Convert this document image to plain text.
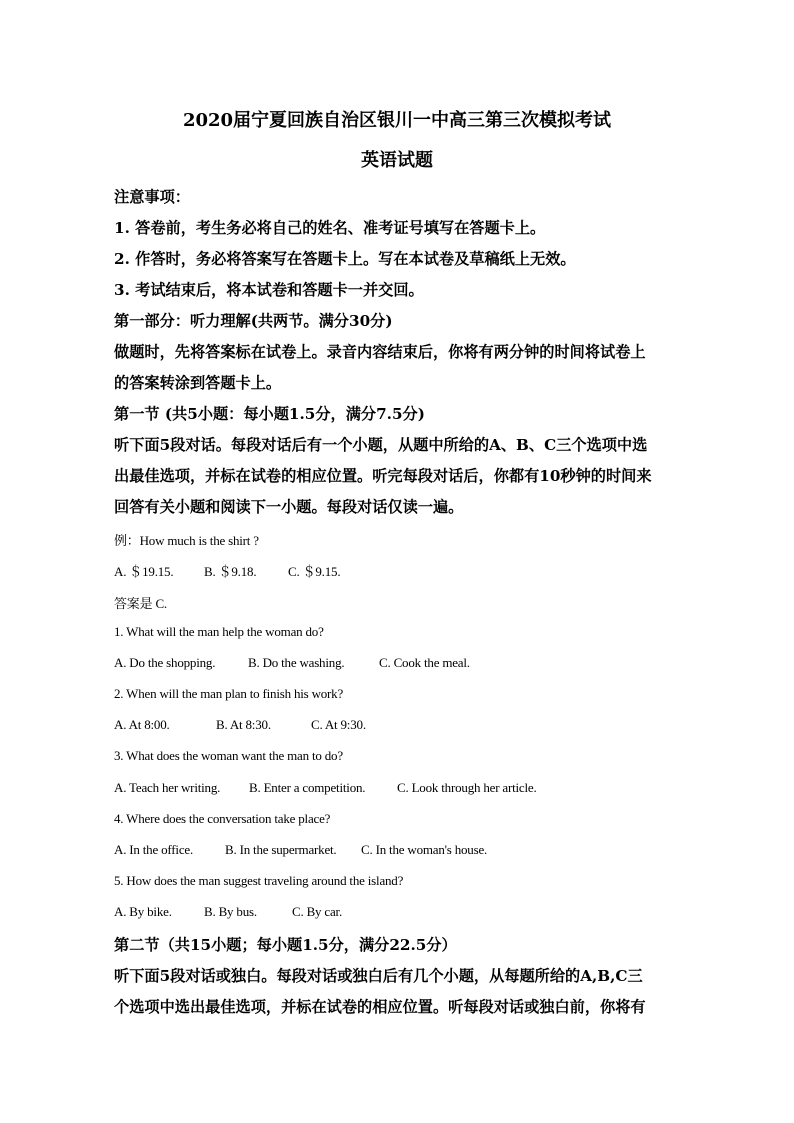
2020届宁夏回族自治区银川一中高三第三次模拟考试
英语试题
注意事项：
1. 答卷前，考生务必将自己的姓名、准考证号填写在答题卡上。
2. 作答时，务必将答案写在答题卡上。写在本试卷及草稿纸上无效。
3. 考试结束后，将本试卷和答题卡一并交回。
第一部分：听力理解(共两节。满分30分)
做题时，先将答案标在试卷上。录音内容结束后，你将有两分钟的时间将试卷上
的答案转涂到答题卡上。
第一节 (共5小题：每小题1.5分，满分7.5分)
听下面5段对话。每段对话后有一个小题，从题中所给的A、B、C三个选项中选
出最佳选项，并标在试卷的相应位置。听完每段对话后，你都有10秒钟的时间来
回答有关小题和阅读下一小题。每段对话仅读一遍。
例：How much is the shirt ?
A. ＄19.15. B. ＄9.18. C. ＄9.15.
答案是 C.
1. What will the man help the woman do?
A. Do the shopping.	B. Do the washing.	C. Cook the meal.
2. When will the man plan to finish his work?
A. At 8:00.	B. At 8:30.	C. At 9:30.
3. What does the woman want the man to do?
A. Teach her writing. B. Enter a competition. C. Look through her article.
4. Where does the conversation take place?
A. In the office. B. In the supermarket. C. In the woman's house.
5. How does the man suggest traveling around the island?
A. By bike. B. By bus.	C. By car.
第二节（共15小题；每小题1.5分，满分22.5分）
听下面5段对话或独白。每段对话或独白后有几个小题，从每题所给的A,B,C三
个选项中选出最佳选项，并标在试卷的相应位置。听每段对话或独白前，你将有
